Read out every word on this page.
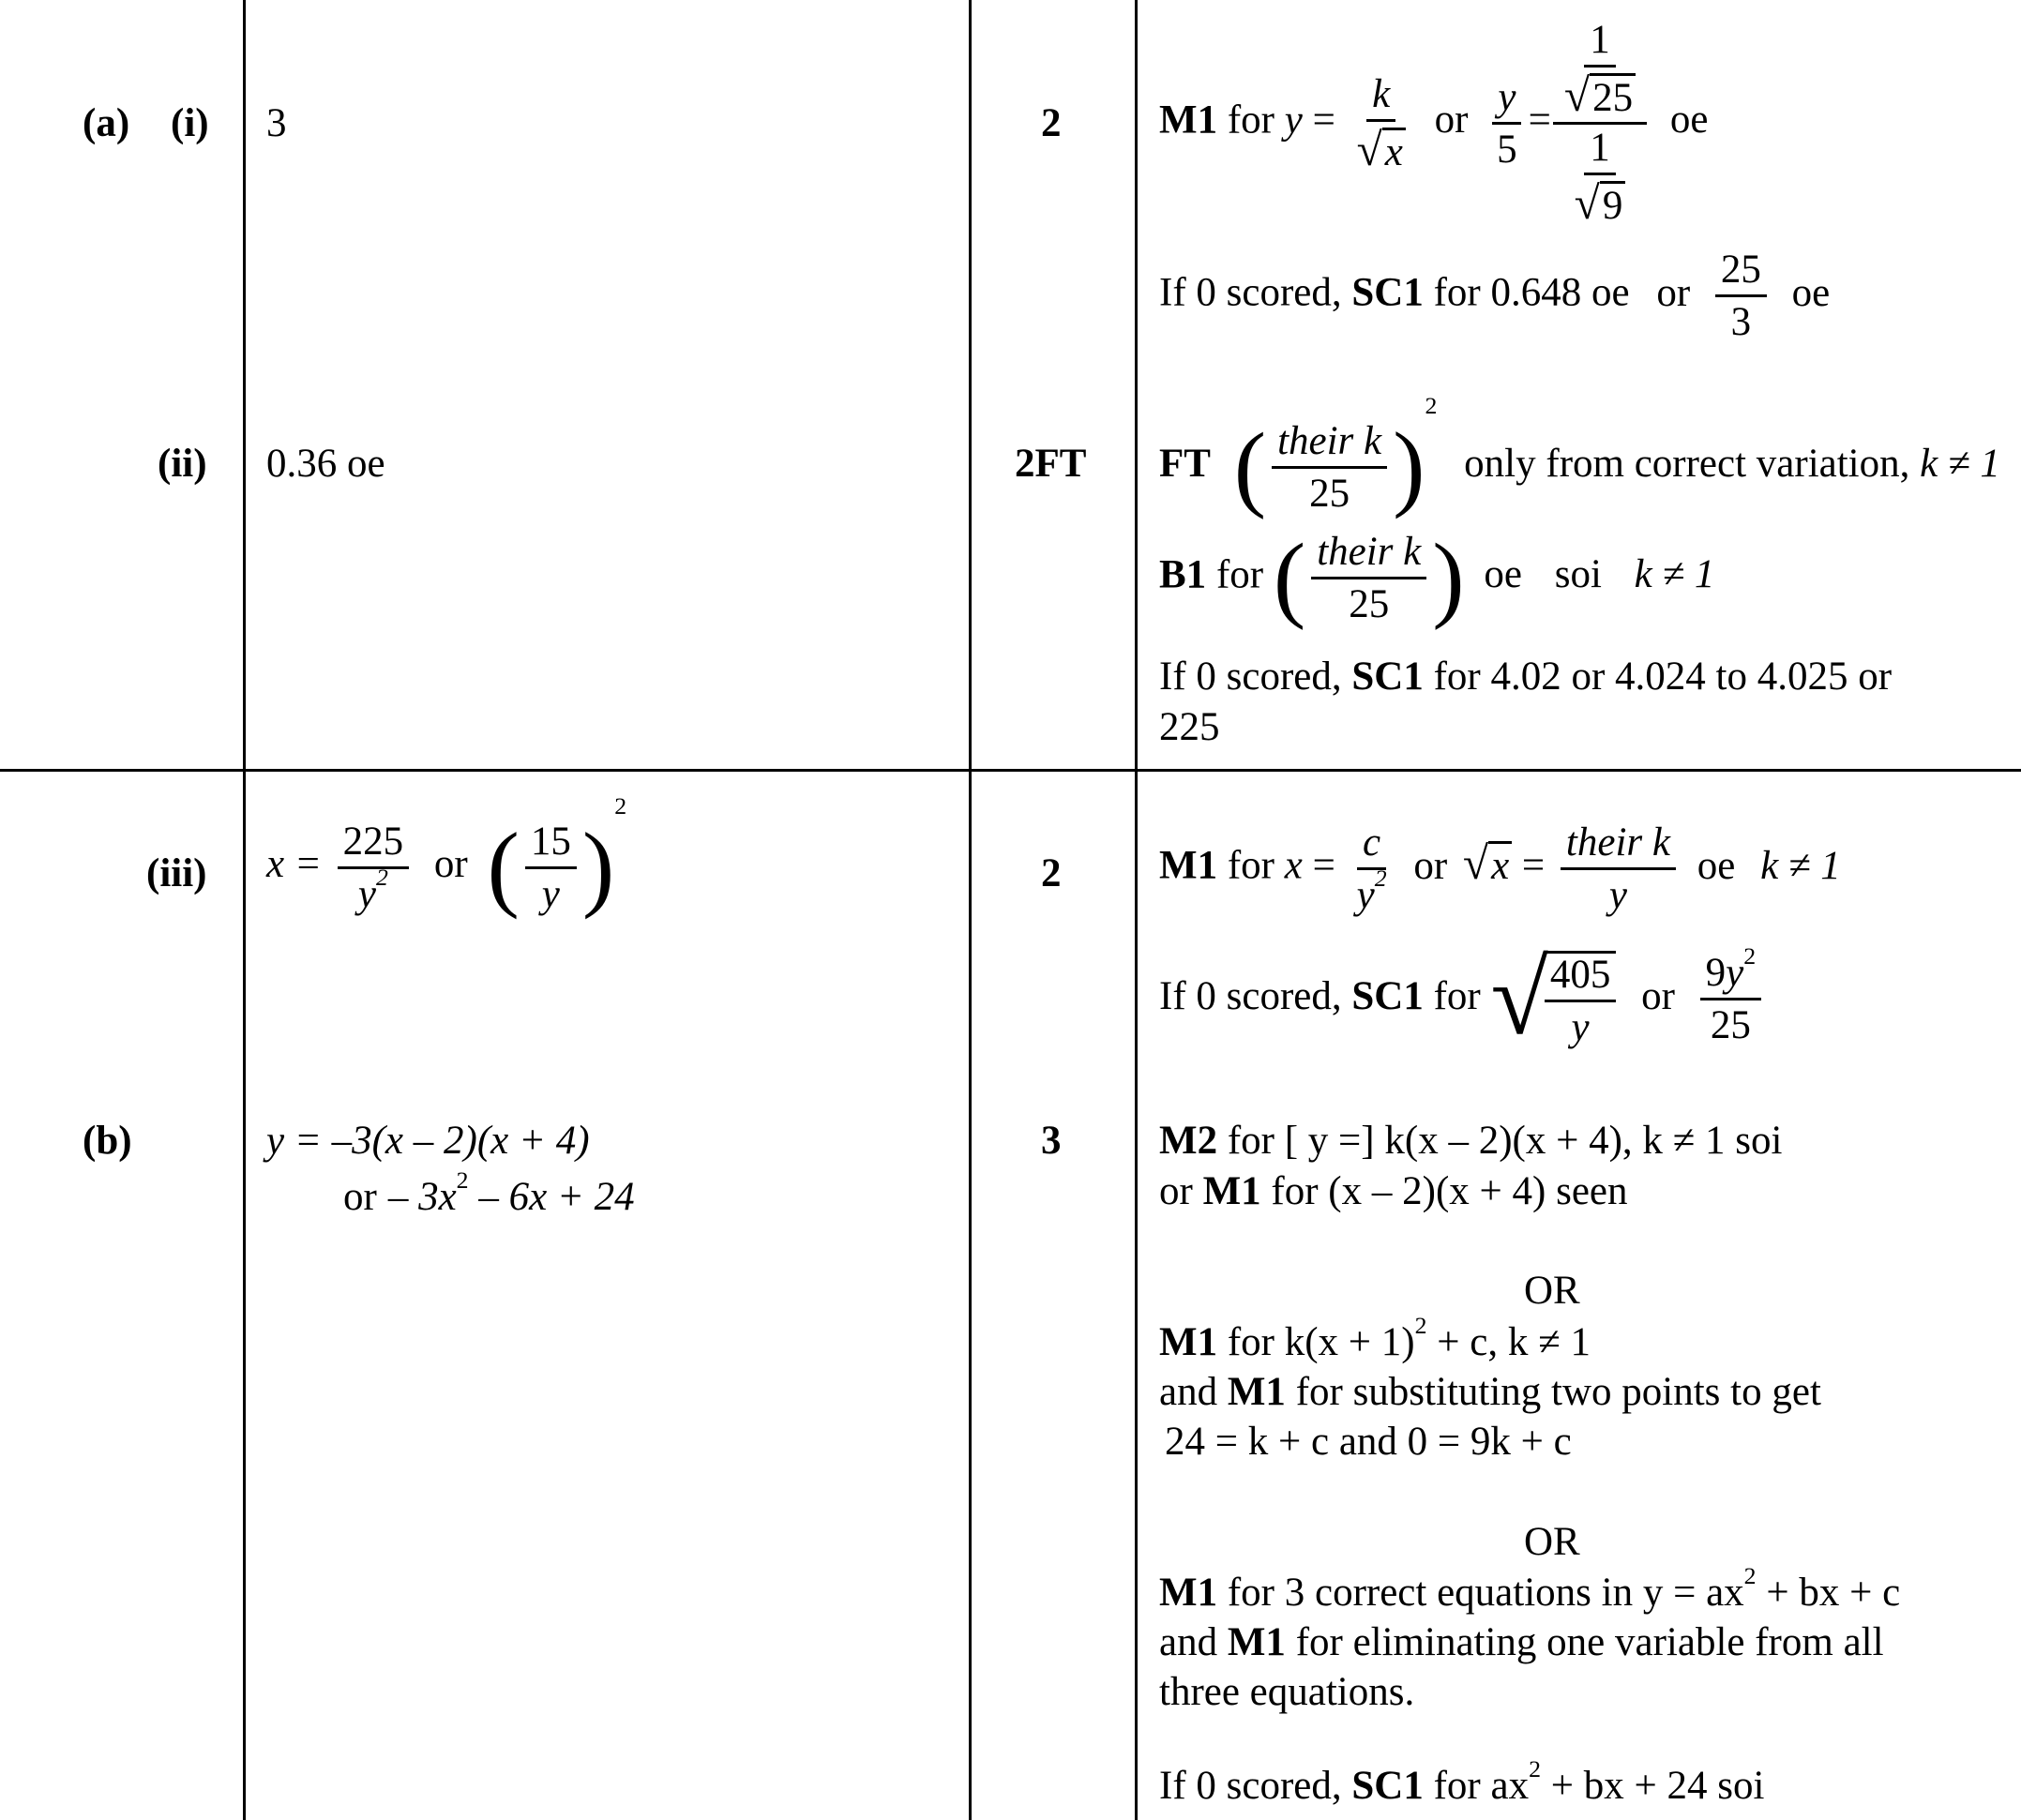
(a) (i)
(ii)
(iii)
(b)
3
0.36 oe
$x = \frac{225}{y^2}$ or ( $\frac{15}{y} )^2$
y = –3(x – 2)(x + 4)
or – $3x^2 - 6x + 24$
2
2FT
2
3
M1 for $y = \frac{k}{√x}$ or $\frac{y}{5} = \frac{\frac{1}{√25}}{\frac{1}{√9}}$ oe
If 0 scored, SC1 for 0.648 oe or $\frac{25}{3}$ oe
FT ( $\frac{\text{their k}}{25} )^2$ only from correct variation, k ≠ 1
B1 for ( $\frac{\text{their k}}{25}$ ) oe soi k ≠ 1
If 0 scored, SC1 for 4.02 or 4.024 to 4.025 or
225
M1 for $x = \frac{c}{y^2}$ or $√x = \frac{\text{their k}}{y}$ oe k ≠ 1
If 0 scored, SC1 for √
$\frac{405}{y}$ or $\frac{9y^2}{25}$
M2 for [ y =] k(x – 2)(x + 4), k ≠ 1 soi
or M1 for (x – 2)(x + 4) seen
OR
M1 for $k(x + 1)^2 + c$, k ≠ 1
and M1 for substituting two points to get
24 = k + c and 0 = 9k + c
OR
M1 for 3 correct equations in $y = ax^2$ + bx + c
and M1 for eliminating one variable from all
three equations.
If 0 scored, SC1 for $ax^2$ + bx + 24 soi
